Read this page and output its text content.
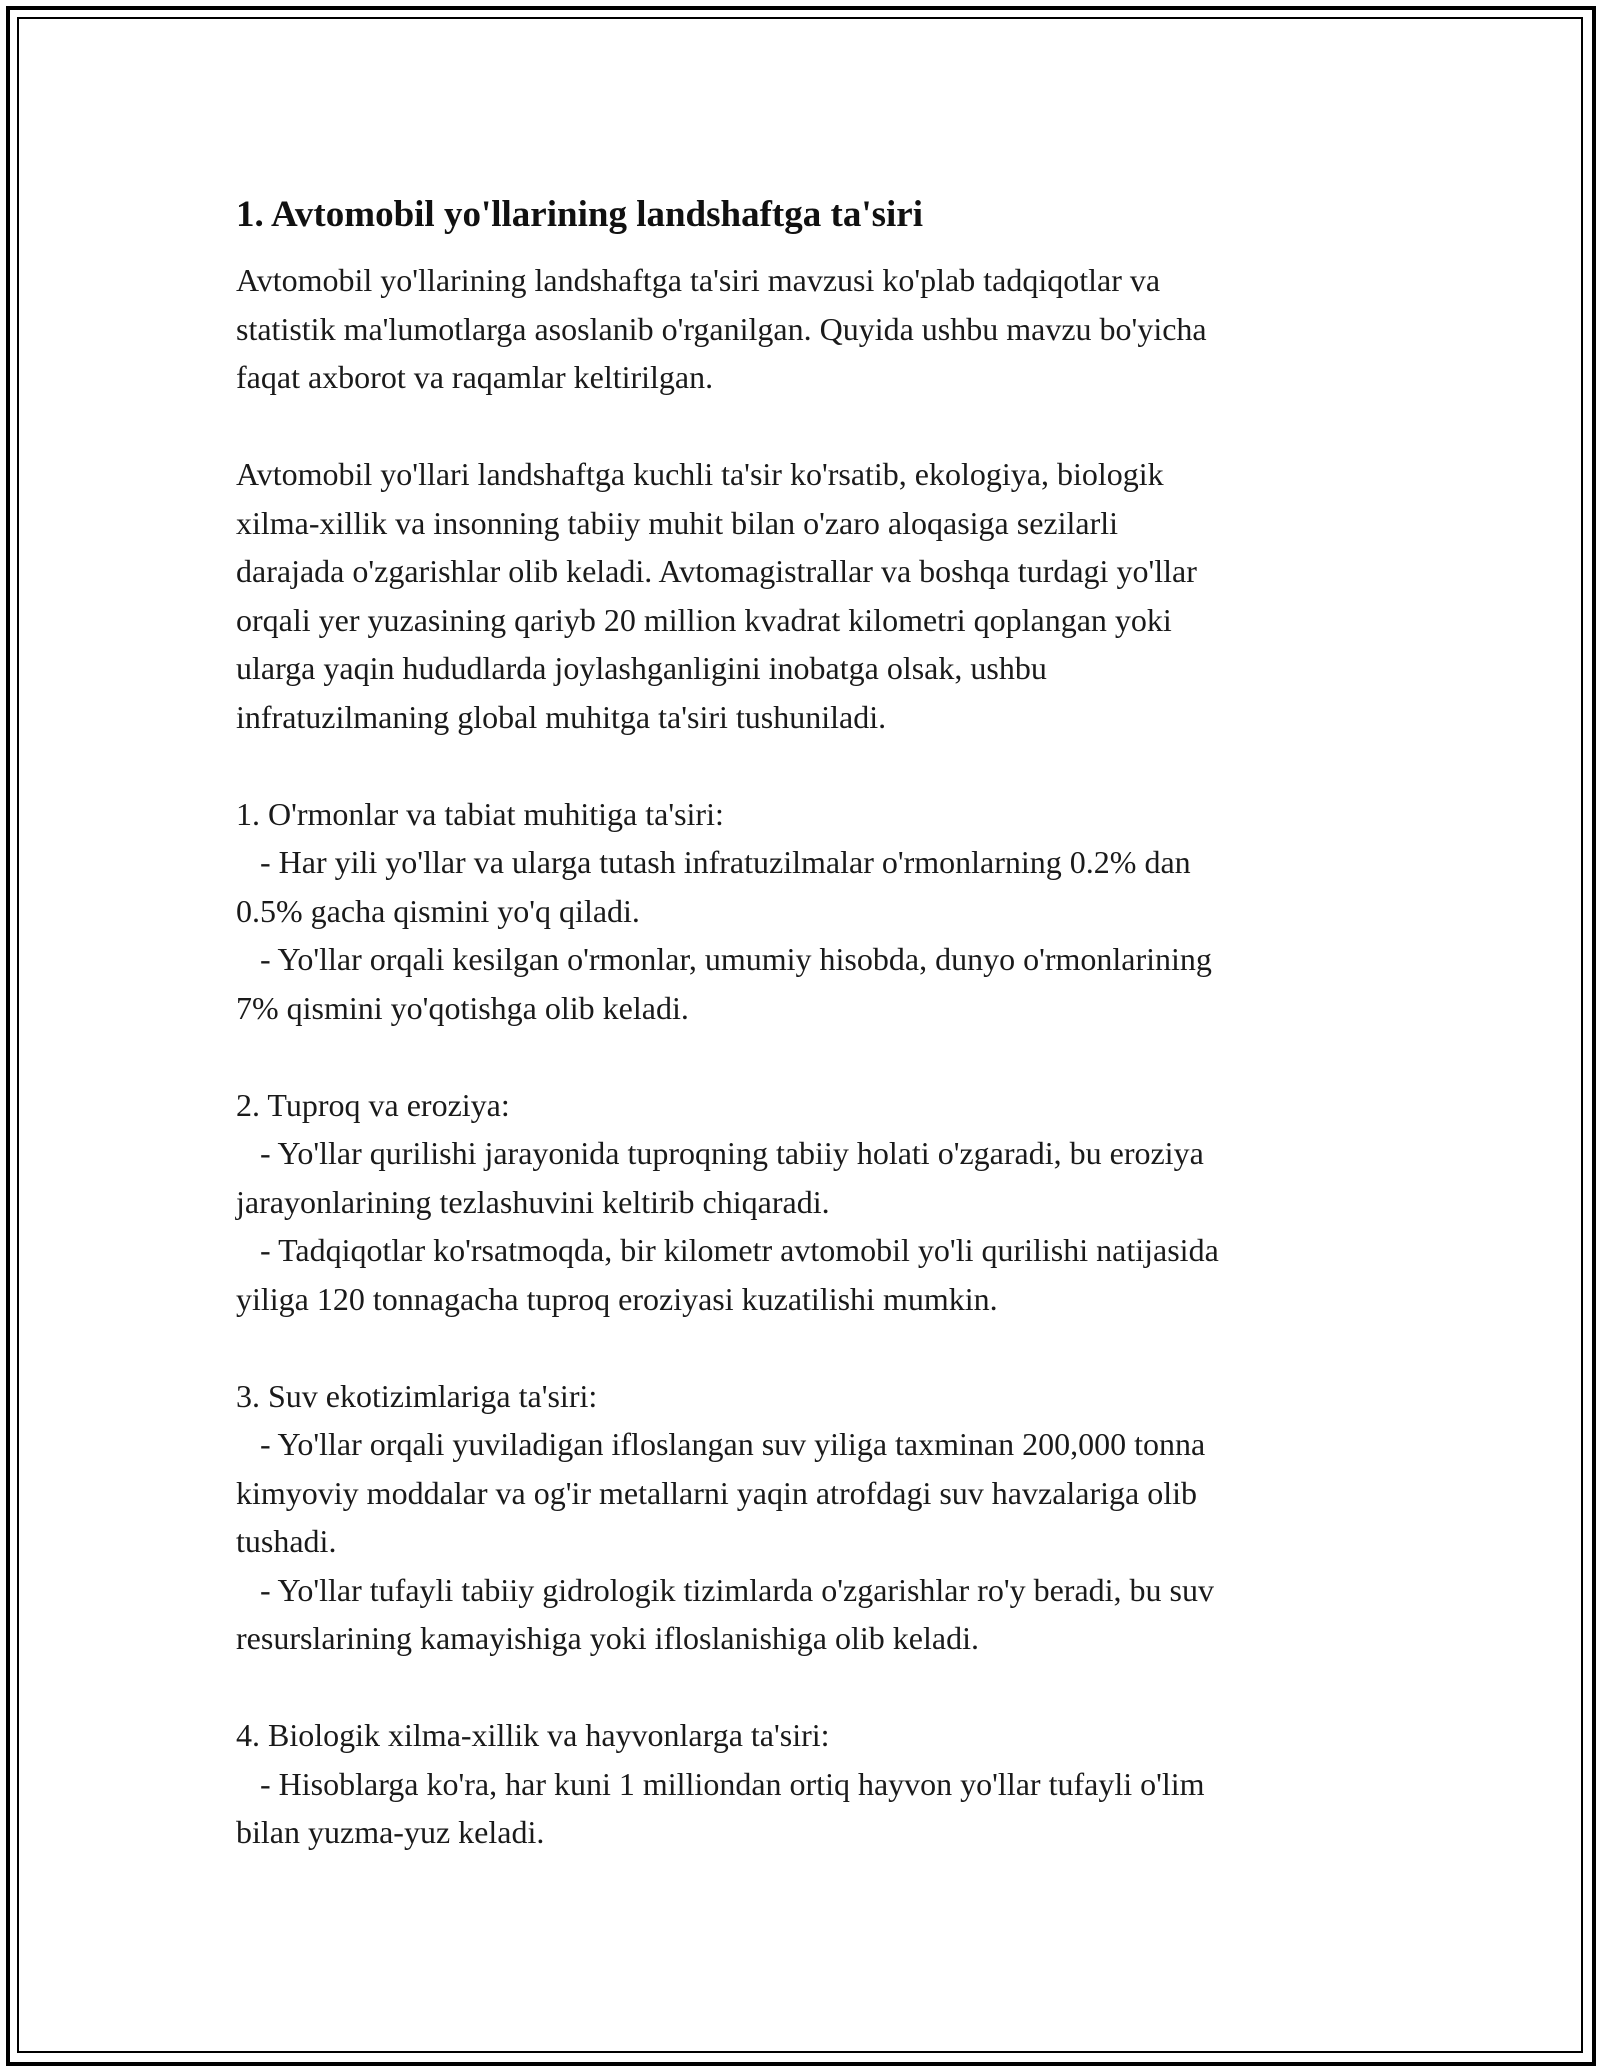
1. Avtomobil yo'llarining landshaftga ta'siri

Avtomobil yo'llarining landshaftga ta'siri mavzusi ko'plab tadqiqotlar va
statistik ma'lumotlarga asoslanib o'rganilgan. Quyida ushbu mavzu bo'yicha
faqat axborot va raqamlar keltirilgan.

Avtomobil yo'llari landshaftga kuchli ta'sir ko'rsatib, ekologiya, biologik
xilma-xillik va insonning tabiiy muhit bilan o'zaro aloqasiga sezilarli
darajada o'zgarishlar olib keladi. Avtomagistrallar va boshqa turdagi yo'llar
orqali yer yuzasining qariyb 20 million kvadrat kilometri qoplangan yoki
ularga yaqin hududlarda joylashganligini inobatga olsak, ushbu
infratuzilmaning global muhitga ta'siri tushuniladi.

1. O'rmonlar va tabiat muhitiga ta'siri:

- Har yili yo'llar va ularga tutash infratuzilmalar o'rmonlarning 0.2% dan
0.5% gacha qismini yo'q qiladi.

- Yo'llar orqali kesilgan o'rmonlar, umumiy hisobda, dunyo o'rmonlarining
7% qismini yo'qotishga olib keladi.

2. Tuproq va eroziya:

- Yo'llar qurilishi jarayonida tuproqning tabiiy holati o'zgaradi, bu eroziya
jarayonlarining tezlashuvini keltirib chiqaradi.

- Tadqiqotlar ko'rsatmoqda, bir kilometr avtomobil yo'li qurilishi natijasida
yiliga 120 tonnagacha tuproq eroziyasi kuzatilishi mumkin.

3. Suv ekotizimlariga ta'siri:

- Yo'llar orqali yuviladigan ifloslangan suv yiliga taxminan 200,000 tonna
kimyoviy moddalar va og'ir metallarni yaqin atrofdagi suv havzalariga olib
tushadi.

- Yo'llar tufayli tabiiy gidrologik tizimlarda o'zgarishlar ro'y beradi, bu suv
resurslarining kamayishiga yoki ifloslanishiga olib keladi.

4. Biologik xilma-xillik va hayvonlarga ta'siri:

- Hisoblarga ko'ra, har kuni 1 milliondan ortiq hayvon yo'llar tufayli o'lim
bilan yuzma-yuz keladi.
